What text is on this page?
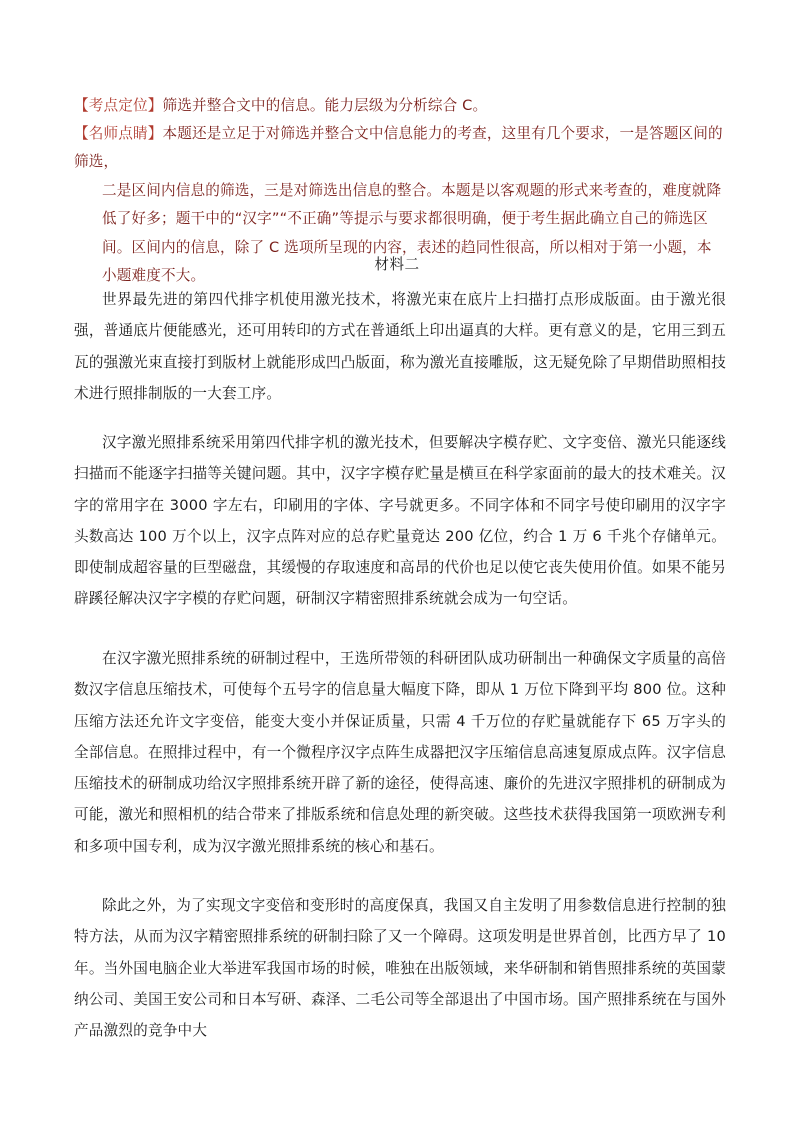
【考点定位】筛选并整合文中的信息。能力层级为分析综合 C。
【名师点睛】本题还是立足于对筛选并整合文中信息能力的考查，这里有几个要求，一是答题区间的筛选，
二是区间内信息的筛选，三是对筛选出信息的整合。本题是以客观题的形式来考查的，难度就降低了好多；题干中的“汉字”“不正确”等提示与要求都很明确，便于考生据此确立自己的筛选区间。区间内的信息，除了 C 选项所呈现的内容，表述的趋同性很高，所以相对于第一小题，本小题难度不大。
材料二

世界最先进的第四代排字机使用激光技术，将激光束在底片上扫描打点形成版面。由于激光很强，普通底片便能感光，还可用转印的方式在普通纸上印出逼真的大样。更有意义的是，它用三到五瓦的强激光束直接打到版材上就能形成凹凸版面，称为激光直接雕版，这无疑免除了早期借助照相技术进行照排制版的一大套工序。

汉字激光照排系统采用第四代排字机的激光技术，但要解决字模存贮、文字变倍、激光只能逐线扫描而不能逐字扫描等关键问题。其中，汉字字模存贮量是横亘在科学家面前的最大的技术难关。汉字的常用字在 3000 字左右，印刷用的字体、字号就更多。不同字体和不同字号使印刷用的汉字字头数高达 100 万个以上，汉字点阵对应的总存贮量竟达 200 亿位，约合 1 万 6 千兆个存储单元。即使制成超容量的巨型磁盘，其缓慢的存取速度和高昂的代价也足以使它丧失使用价值。如果不能另辟蹊径解决汉字字模的存贮问题，研制汉字精密照排系统就会成为一句空话。

在汉字激光照排系统的研制过程中，王选所带领的科研团队成功研制出一种确保文字质量的高倍数汉字信息压缩技术，可使每个五号字的信息量大幅度下降，即从 1 万位下降到平均 800 位。这种压缩方法还允许文字变倍，能变大变小并保证质量，只需 4 千万位的存贮量就能存下 65 万字头的全部信息。在照排过程中，有一个微程序汉字点阵生成器把汉字压缩信息高速复原成点阵。汉字信息压缩技术的研制成功给汉字照排系统开辟了新的途径，使得高速、廉价的先进汉字照排机的研制成为可能，激光和照相机的结合带来了排版系统和信息处理的新突破。这些技术获得我国第一项欧洲专利和多项中国专利，成为汉字激光照排系统的核心和基石。

除此之外，为了实现文字变倍和变形时的高度保真，我国又自主发明了用参数信息进行控制的独特方法，从而为汉字精密照排系统的研制扫除了又一个障碍。这项发明是世界首创，比西方早了 10 年。当外国电脑企业大举进军我国市场的时候，唯独在出版领域，来华研制和销售照排系统的英国蒙纳公司、美国王安公司和日本写研、森泽、二毛公司等全部退出了中国市场。国产照排系统在与国外产品激烈的竞争中大
